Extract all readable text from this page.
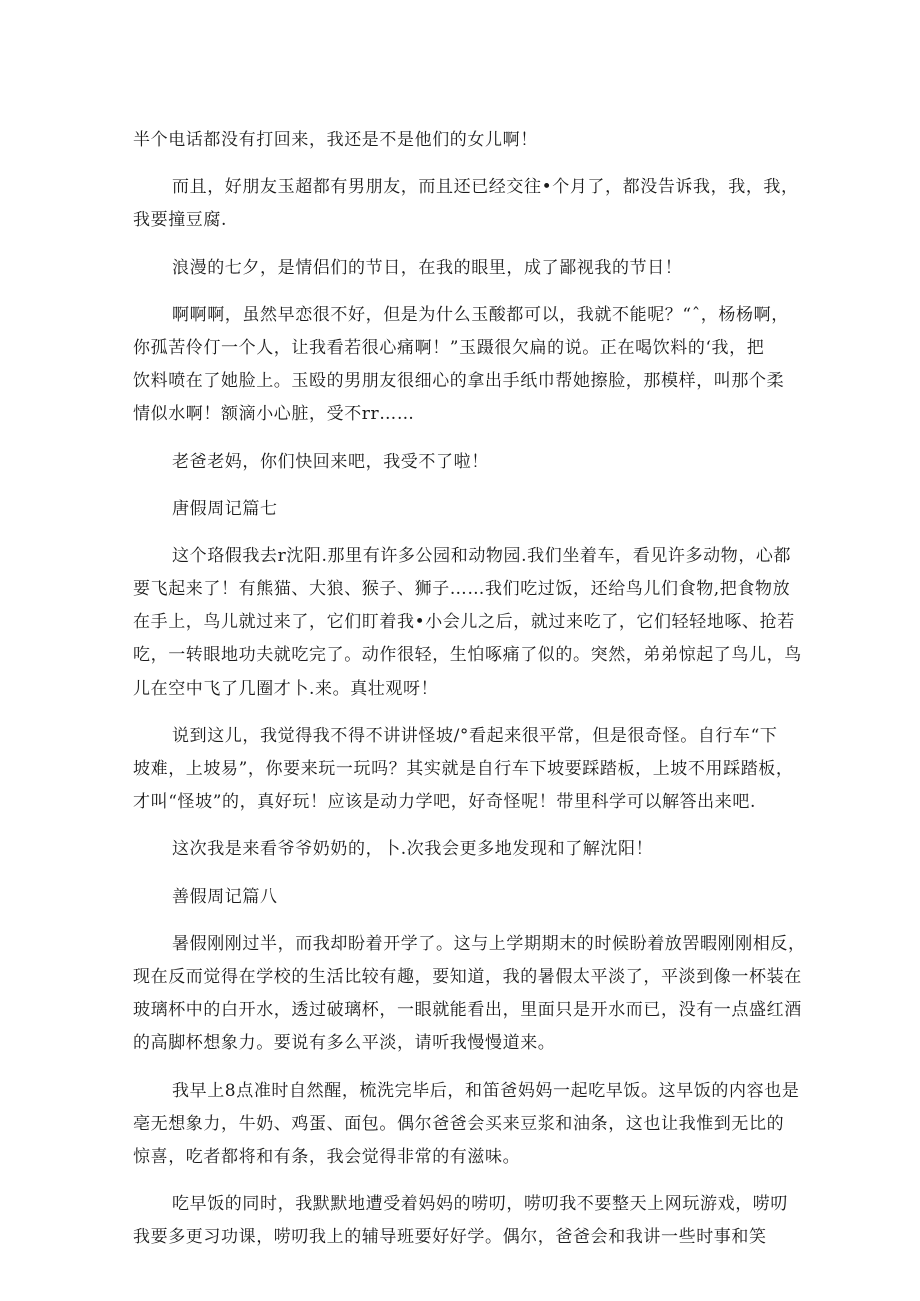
半个电话都没有打回来，我还是不是他们的女儿啊！
而且，好朋友玉超都有男朋友，而且还已经交往•个月了，都没告诉我，我，我，
我要撞豆腐.
浪漫的七夕，是情侣们的节日，在我的眼里，成了鄙视我的节日！
啊啊啊，虽然早恋很不好，但是为什么玉酸都可以，我就不能呢？“ˆ，杨杨啊，
你孤苦伶仃一个人，让我看若很心痛啊！”玉蹑很欠扁的说。正在喝饮料的‘我，把
饮料喷在了她脸上。玉殴的男朋友很细心的拿出手纸巾帮她擦脸，那模样，叫那个柔
情似水啊！额滴小心脏，受不rr……
老爸老妈，你们快回来吧，我受不了啦！
唐假周记篇七
这个珞假我去r沈阳.那里有许多公园和动物园.我们坐着车，看见许多动物，心都
要飞起来了！有熊猫、大狼、猴子、狮子……我们吃过饭，还给鸟儿们食物,把食物放
在手上，鸟儿就过来了，它们盯着我•小会儿之后，就过来吃了，它们轻轻地啄、抢若
吃，一转眼地功夫就吃完了。动作很轻，生怕啄痛了似的。突然，弟弟惊起了鸟儿，鸟
儿在空中飞了几圈才卜.来。真壮观呀！
说到这儿，我觉得我不得不讲讲怪坡/°看起来很平常，但是很奇怪。自行车“下
坡难，上坡易”，你要来玩一玩吗？其实就是自行车下坡要踩踏板，上坡不用踩踏板，
才叫“怪坡”的，真好玩！应该是动力学吧，好奇怪呢！带里科学可以解答出来吧.
这次我是来看爷爷奶奶的，卜.次我会更多地发现和了解沈阳！
善假周记篇八
暑假刚刚过半，而我却盼着开学了。这与上学期期末的时候盼着放罟暇刚刚相反，
现在反而觉得在学校的生活比较有趣，要知道，我的暑假太平淡了，平淡到像一杯装在
玻璃杯中的白开水，透过破璃杯，一眼就能看出，里面只是开水而已，没有一点盛红酒
的高脚杯想象力。要说有多么平淡，请听我慢慢道来。
我早上8点准时自然醒，梳洗完毕后，和笛爸妈妈一起吃早饭。这早饭的内容也是
亳无想象力，牛奶、鸡蛋、面包。偶尔爸爸会买来豆浆和油条，这也让我惟到无比的
惊喜，吃者都将和有条，我会觉得非常的有滋味。
吃早饭的同时，我默默地遭受着妈妈的唠叨，唠叨我不要整天上网玩游戏，唠叨
我要多更习功课，唠叨我上的辅导班要好好学。偶尔，爸爸会和我讲一些时事和笑
